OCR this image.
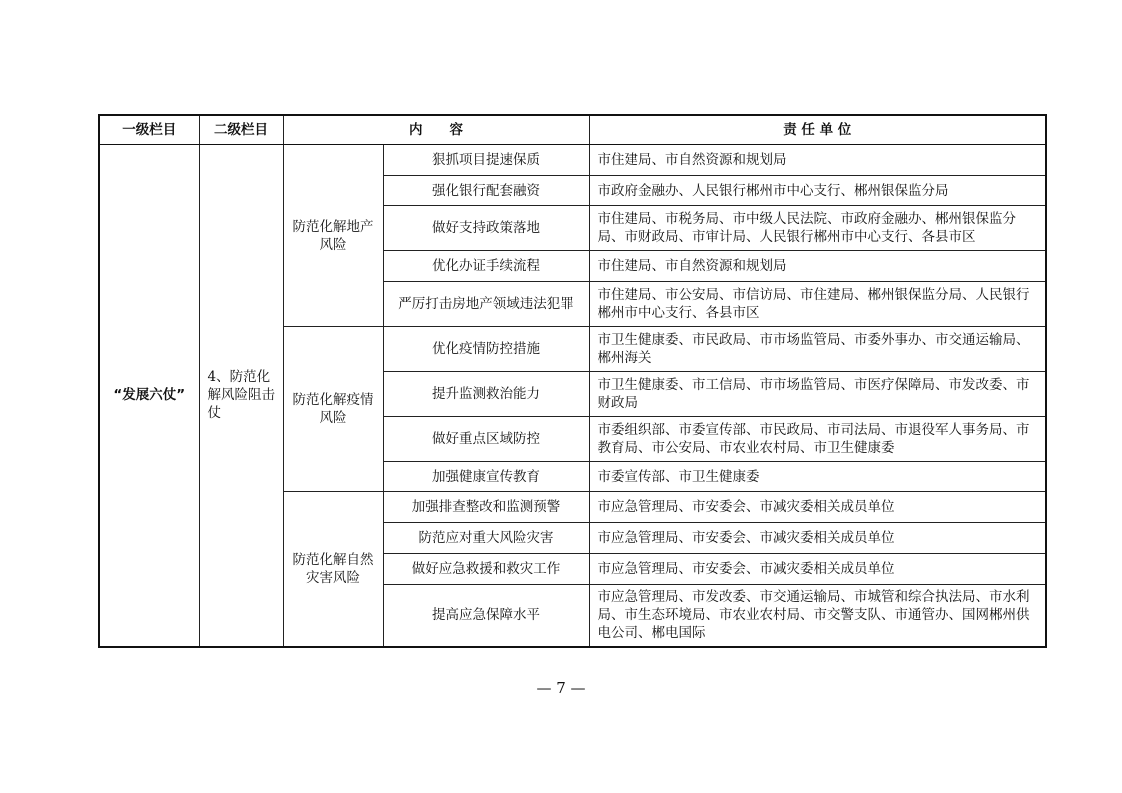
一级栏目	二级栏目	内　　容		责 任 单 位
“发展六仗”	4、防范化解风险阻击仗	防范化解地产风险	狠抓项目提速保质	市住建局、市自然资源和规划局
			强化银行配套融资	市政府金融办、人民银行郴州市中心支行、郴州银保监分局
			做好支持政策落地	市住建局、市税务局、市中级人民法院、市政府金融办、郴州银保监分局、市财政局、市审计局、人民银行郴州市中心支行、各县市区
			优化办证手续流程	市住建局、市自然资源和规划局
			严厉打击房地产领域违法犯罪	市住建局、市公安局、市信访局、市住建局、郴州银保监分局、人民银行郴州市中心支行、各县市区
		防范化解疫情风险	优化疫情防控措施	市卫生健康委、市民政局、市市场监管局、市委外事办、市交通运输局、郴州海关
			提升监测救治能力	市卫生健康委、市工信局、市市场监管局、市医疗保障局、市发改委、市财政局
			做好重点区域防控	市委组织部、市委宣传部、市民政局、市司法局、市退役军人事务局、市教育局、市公安局、市农业农村局、市卫生健康委
			加强健康宣传教育	市委宣传部、市卫生健康委
		防范化解自然灾害风险	加强排查整改和监测预警	市应急管理局、市安委会、市减灾委相关成员单位
			防范应对重大风险灾害	市应急管理局、市安委会、市减灾委相关成员单位
			做好应急救援和救灾工作	市应急管理局、市安委会、市减灾委相关成员单位
			提高应急保障水平	市应急管理局、市发改委、市交通运输局、市城管和综合执法局、市水利局、市生态环境局、市农业农村局、市交警支队、市通管办、国网郴州供电公司、郴电国际
— 7 —
